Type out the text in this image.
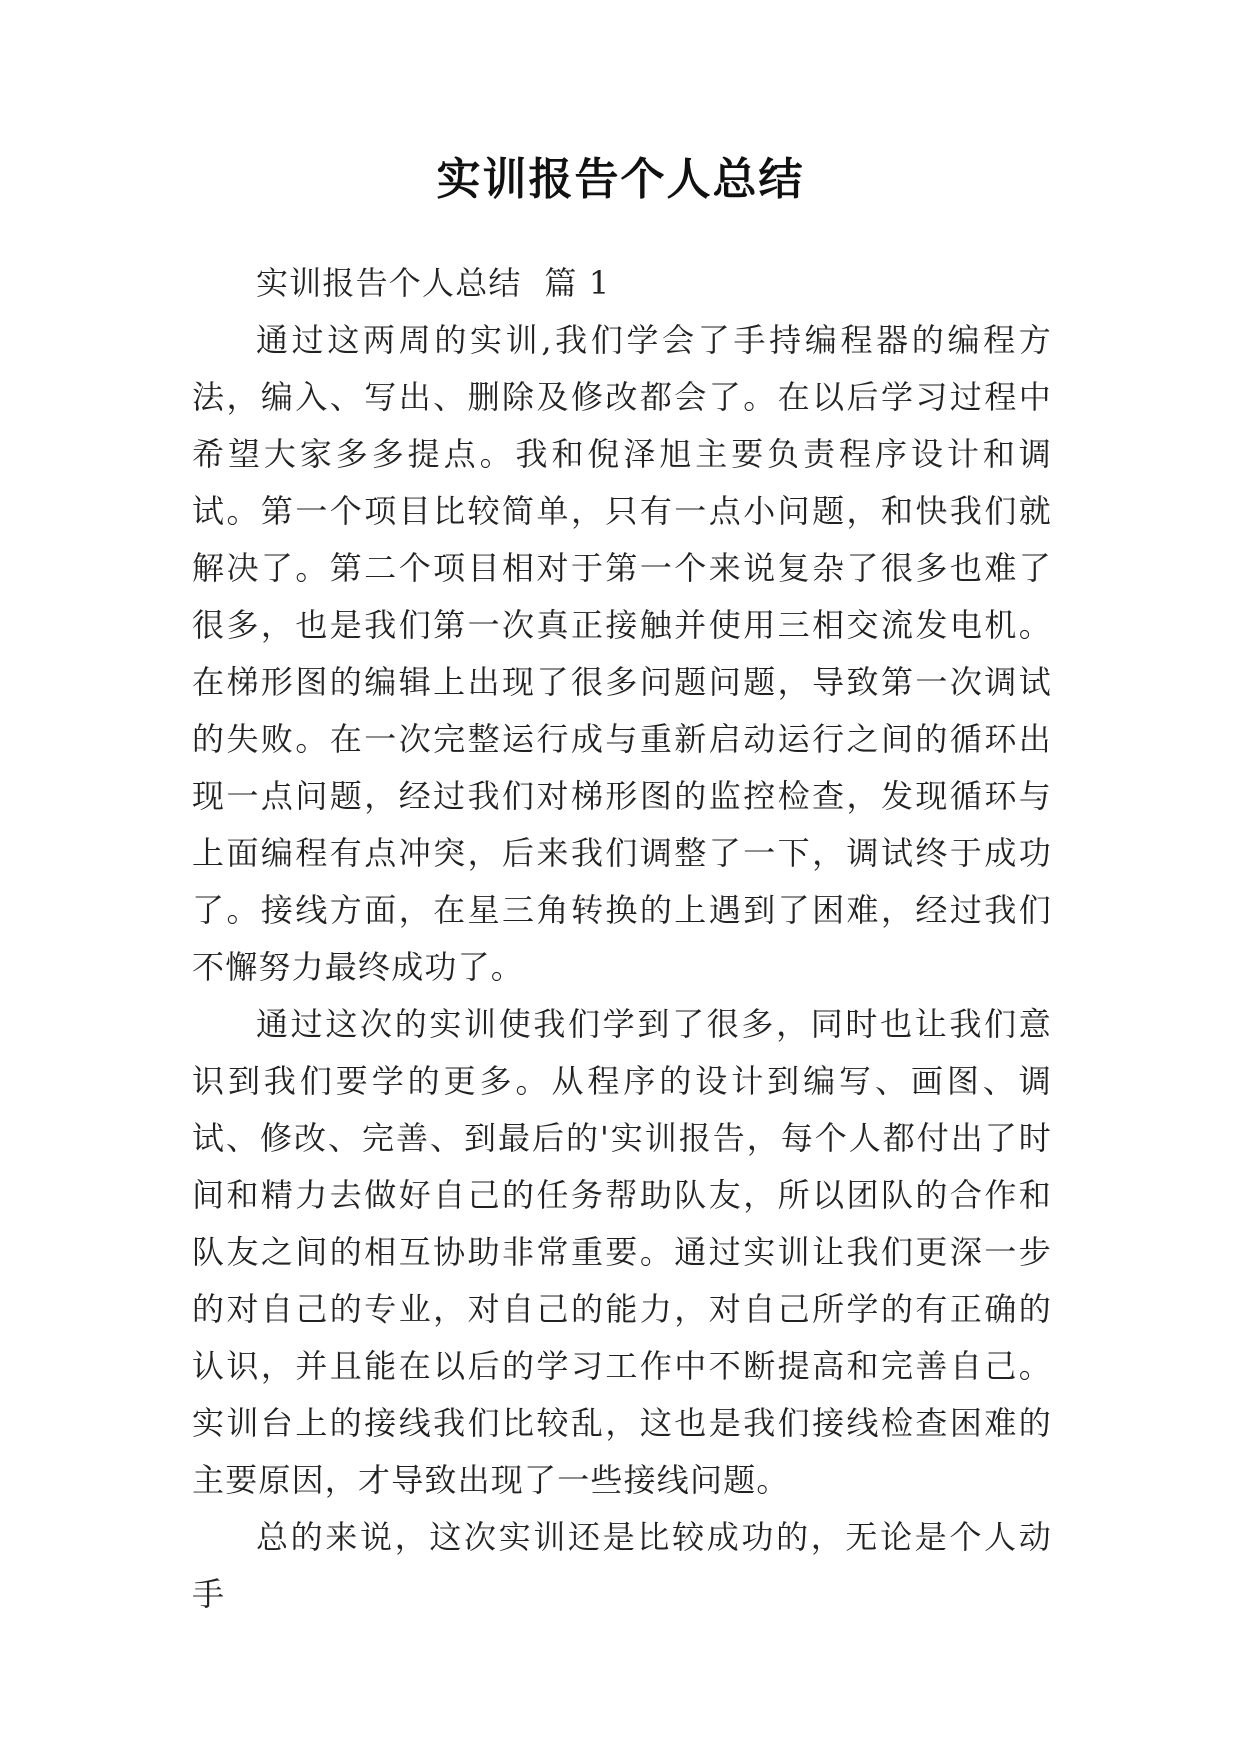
实训报告个人总结

实训报告个人总结  篇 1

通过这两周的实训,我们学会了手持编程器的编程方法，编入、写出、删除及修改都会了。在以后学习过程中希望大家多多提点。我和倪泽旭主要负责程序设计和调试。第一个项目比较简单，只有一点小问题，和快我们就解决了。第二个项目相对于第一个来说复杂了很多也难了很多，也是我们第一次真正接触并使用三相交流发电机。在梯形图的编辑上出现了很多问题问题，导致第一次调试的失败。在一次完整运行成与重新启动运行之间的循环出现一点问题，经过我们对梯形图的监控检查，发现循环与上面编程有点冲突，后来我们调整了一下，调试终于成功了。接线方面，在星三角转换的上遇到了困难，经过我们不懈努力最终成功了。

通过这次的实训使我们学到了很多，同时也让我们意识到我们要学的更多。从程序的设计到编写、画图、调试、修改、完善、到最后的'实训报告，每个人都付出了时间和精力去做好自己的任务帮助队友，所以团队的合作和队友之间的相互协助非常重要。通过实训让我们更深一步的对自己的专业，对自己的能力，对自己所学的有正确的认识，并且能在以后的学习工作中不断提高和完善自己。实训台上的接线我们比较乱，这也是我们接线检查困难的主要原因，才导致出现了一些接线问题。

总的来说，这次实训还是比较成功的，无论是个人动手
